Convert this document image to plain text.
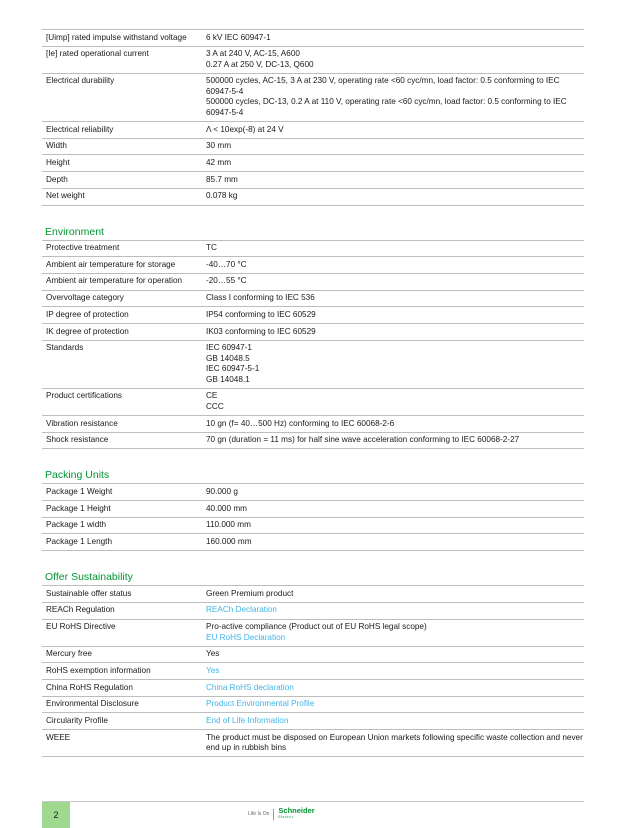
[Uimp] rated impulse withstand voltage	6 kV IEC 60947-1
[Ie] rated operational current	3 A at 240 V, AC-15, A600
0.27 A at 250 V, DC-13, Q600
Electrical durability	500000 cycles, AC-15, 3 A at 230 V, operating rate <60 cyc/mn, load factor: 0.5 conforming to IEC 60947-5-4
500000 cycles, DC-13, 0.2 A at 110 V, operating rate <60 cyc/mn, load factor: 0.5 conforming to IEC 60947-5-4
Electrical reliability	Λ < 10exp(-8) at 24 V
Width	30 mm
Height	42 mm
Depth	85.7 mm
Net weight	0.078 kg
Environment
Protective treatment	TC
Ambient air temperature for storage	-40…70 °C
Ambient air temperature for operation	-20…55 °C
Overvoltage category	Class I conforming to IEC 536
IP degree of protection	IP54 conforming to IEC 60529
IK degree of protection	IK03 conforming to IEC 60529
Standards	IEC 60947-1
GB 14048.5
IEC 60947-5-1
GB 14048.1
Product certifications	CE
CCC
Vibration resistance	10 gn (f= 40…500 Hz) conforming to IEC 60068-2-6
Shock resistance	70 gn (duration = 11 ms) for half sine wave acceleration conforming to IEC 60068-2-27
Packing Units
Package 1 Weight	90.000 g
Package 1 Height	40.000 mm
Package 1 width	110.000 mm
Package 1 Length	160.000 mm
Offer Sustainability
Sustainable offer status	Green Premium product
REACh Regulation	REACh Declaration
EU RoHS Directive	Pro-active compliance (Product out of EU RoHS legal scope)
EU RoHS Declaration
Mercury free	Yes
RoHS exemption information	Yes
China RoHS Regulation	China RoHS declaration
Environmental Disclosure	Product Environmental Profile
Circularity Profile	End of Life Information
WEEE	The product must be disposed on European Union markets following specific waste collection and never end up in rubbish bins
2	Life Is On Schneider
Electric
